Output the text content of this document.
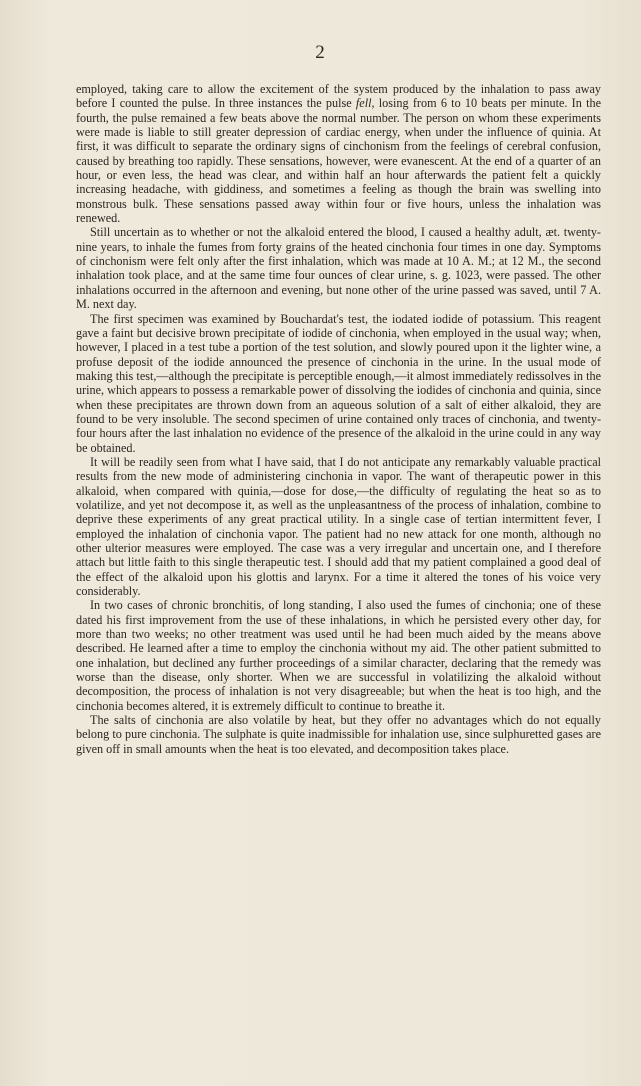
2

employed, taking care to allow the excitement of the system produced by the inhalation to pass away before I counted the pulse. In three instances the pulse fell, losing from 6 to 10 beats per minute. In the fourth, the pulse remained a few beats above the normal number. The person on whom these experiments were made is liable to still greater depression of cardiac energy, when under the influence of quinia. At first, it was difficult to separate the ordinary signs of cinchonism from the feelings of cerebral confusion, caused by breathing too rapidly. These sensations, however, were evanescent. At the end of a quarter of an hour, or even less, the head was clear, and within half an hour afterwards the patient felt a quickly increasing headache, with giddiness, and sometimes a feeling as though the brain was swelling into monstrous bulk. These sensations passed away within four or five hours, unless the inhalation was renewed.

Still uncertain as to whether or not the alkaloid entered the blood, I caused a healthy adult, æt. twenty-nine years, to inhale the fumes from forty grains of the heated cinchonia four times in one day. Symptoms of cinchonism were felt only after the first inhalation, which was made at 10 A. M.; at 12 M., the second inhalation took place, and at the same time four ounces of clear urine, s. g. 1023, were passed. The other inhalations occurred in the afternoon and evening, but none other of the urine passed was saved, until 7 A. M. next day.

The first specimen was examined by Bouchardat's test, the iodated iodide of potassium. This reagent gave a faint but decisive brown precipitate of iodide of cinchonia, when employed in the usual way; when, however, I placed in a test tube a portion of the test solution, and slowly poured upon it the lighter wine, a profuse deposit of the iodide announced the presence of cinchonia in the urine. In the usual mode of making this test,—although the precipitate is perceptible enough,—it almost immediately redissolves in the urine, which appears to possess a remarkable power of dissolving the iodides of cinchonia and quinia, since when these precipitates are thrown down from an aqueous solution of a salt of either alkaloid, they are found to be very insoluble. The second specimen of urine contained only traces of cinchonia, and twenty-four hours after the last inhalation no evidence of the presence of the alkaloid in the urine could in any way be obtained.

It will be readily seen from what I have said, that I do not anticipate any remarkably valuable practical results from the new mode of administering cinchonia in vapor. The want of therapeutic power in this alkaloid, when compared with quinia,—dose for dose,—the difficulty of regulating the heat so as to volatilize, and yet not decompose it, as well as the unpleasantness of the process of inhalation, combine to deprive these experiments of any great practical utility. In a single case of tertian intermittent fever, I employed the inhalation of cinchonia vapor. The patient had no new attack for one month, although no other ulterior measures were employed. The case was a very irregular and uncertain one, and I therefore attach but little faith to this single therapeutic test. I should add that my patient complained a good deal of the effect of the alkaloid upon his glottis and larynx. For a time it altered the tones of his voice very considerably.

In two cases of chronic bronchitis, of long standing, I also used the fumes of cinchonia; one of these dated his first improvement from the use of these inhalations, in which he persisted every other day, for more than two weeks; no other treatment was used until he had been much aided by the means above described. He learned after a time to employ the cinchonia without my aid. The other patient submitted to one inhalation, but declined any further proceedings of a similar character, declaring that the remedy was worse than the disease, only shorter. When we are successful in volatilizing the alkaloid without decomposition, the process of inhalation is not very disagreeable; but when the heat is too high, and the cinchonia becomes altered, it is extremely difficult to continue to breathe it.

The salts of cinchonia are also volatile by heat, but they offer no advantages which do not equally belong to pure cinchonia. The sulphate is quite inadmissible for inhalation use, since sulphuretted gases are given off in small amounts when the heat is too elevated, and decomposition takes place.
